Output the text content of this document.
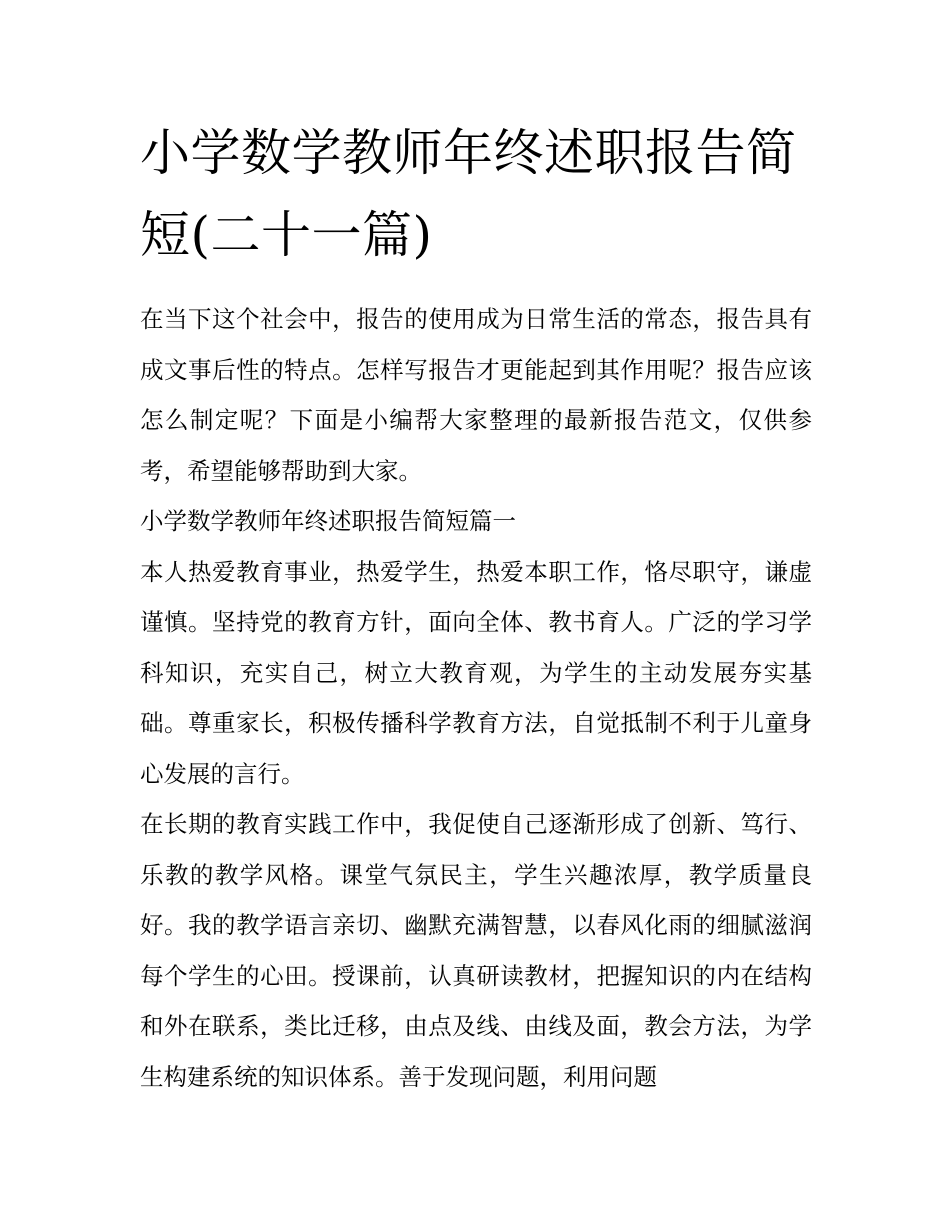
小学数学教师年终述职报告简短(二十一篇)

在当下这个社会中，报告的使用成为日常生活的常态，报告具有成文事后性的特点。怎样写报告才更能起到其作用呢？报告应该怎么制定呢？下面是小编帮大家整理的最新报告范文，仅供参考，希望能够帮助到大家。

小学数学教师年终述职报告简短篇一

本人热爱教育事业，热爱学生，热爱本职工作，恪尽职守，谦虚谨慎。坚持党的教育方针，面向全体、教书育人。广泛的学习学科知识，充实自己，树立大教育观，为学生的主动发展夯实基础。尊重家长，积极传播科学教育方法，自觉抵制不利于儿童身心发展的言行。

在长期的教育实践工作中，我促使自己逐渐形成了创新、笃行、乐教的教学风格。课堂气氛民主，学生兴趣浓厚，教学质量良好。我的教学语言亲切、幽默充满智慧，以春风化雨的细腻滋润每个学生的心田。授课前，认真研读教材，把握知识的内在结构和外在联系，类比迁移，由点及线、由线及面，教会方法，为学生构建系统的知识体系。善于发现问题，利用问题
